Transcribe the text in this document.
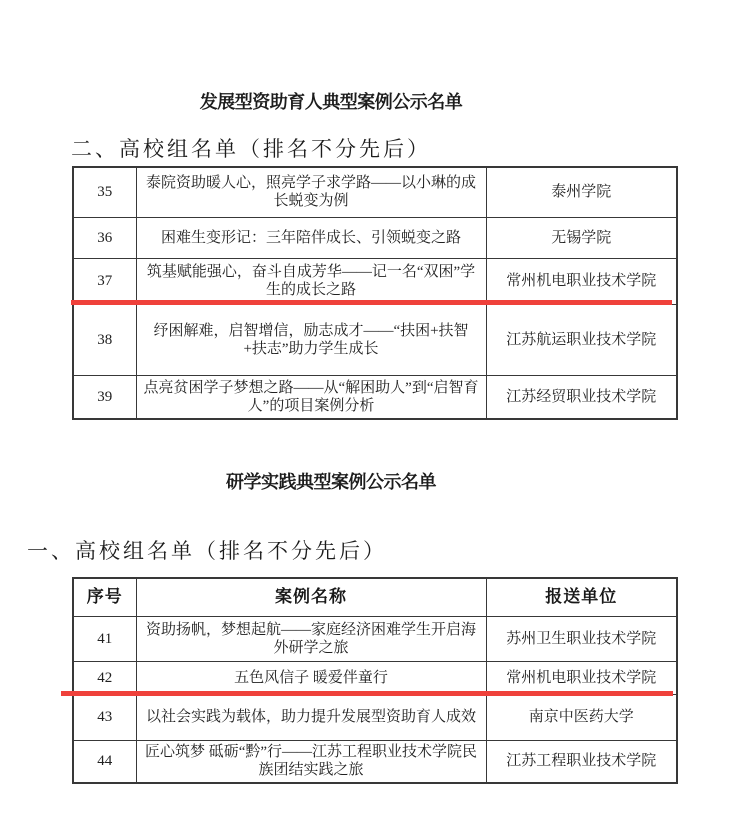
发展型资助育人典型案例公示名单
二、高校组名单（排名不分先后）
35	泰院资助暖人心，照亮学子求学路——以小琳的成长蜕变为例	泰州学院
36	困难生变形记：三年陪伴成长、引领蜕变之路	无锡学院
37	筑基赋能强心，奋斗自成芳华——记一名“双困”学生的成长之路	常州机电职业技术学院
38	纾困解难，启智增信，励志成才——“扶困+扶智+扶志”助力学生成长	江苏航运职业技术学院
39	点亮贫困学子梦想之路——从“解困助人”到“启智育人”的项目案例分析	江苏经贸职业技术学院
研学实践典型案例公示名单
一、高校组名单（排名不分先后）
序号	案例名称	报送单位
41	资助扬帆，梦想起航——家庭经济困难学生开启海外研学之旅	苏州卫生职业技术学院
42	五色风信子 暖爱伴童行	常州机电职业技术学院
43	以社会实践为载体，助力提升发展型资助育人成效	南京中医药大学
44	匠心筑梦 砥砺“黔”行——江苏工程职业技术学院民族团结实践之旅	江苏工程职业技术学院
